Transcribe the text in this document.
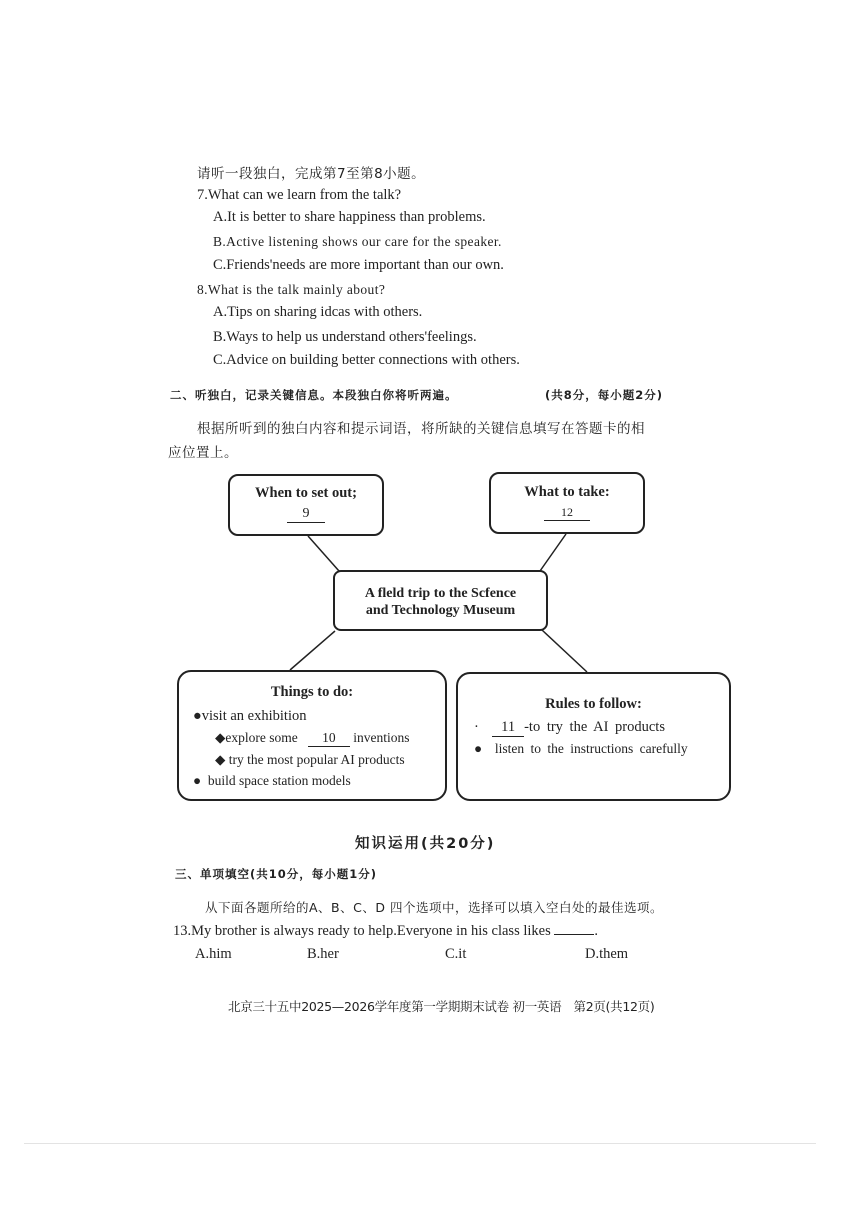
请听一段独白，完成第7至第8小题。
7.What can we learn from the talk?
A.It is better to share happiness than problems.
B.Active listening shows our care for the speaker.
C.Friends'needs are more important than our own.
8.What is the talk mainly about?
A.Tips on sharing idcas with others.
B.Ways to help us understand others'feelings.
C.Advice on building better connections with others.
二、听独白，记录关键信息。本段独白你将听两遍。	(共8分，每小题2分)
根据所听到的独白内容和提示词语，将所缺的关键信息填写在答题卡的相
应位置上。
When to set out;
9
What to take:
12
A fleld trip to the Scfence
and Technology Museum
Things to do:
●visit an exhibition
◆explore some 10 inventions
◆ try the most popular AI products
●  build space station models
Rules to follow:
·  11 -to try the AI products
●  listen to the instructions carefully
知识运用(共20分)
三、单项填空(共10分，每小题1分)
从下面各题所给的A、B、C、D 四个选项中，选择可以填入空白处的最佳选项。
13.My brother is always ready to help.Everyone in his class likes	.
A.him	B.her	C.it	D.them
北京三十五中2025—2026学年度第一学期期末试卷 初一英语　第2页(共12页)
